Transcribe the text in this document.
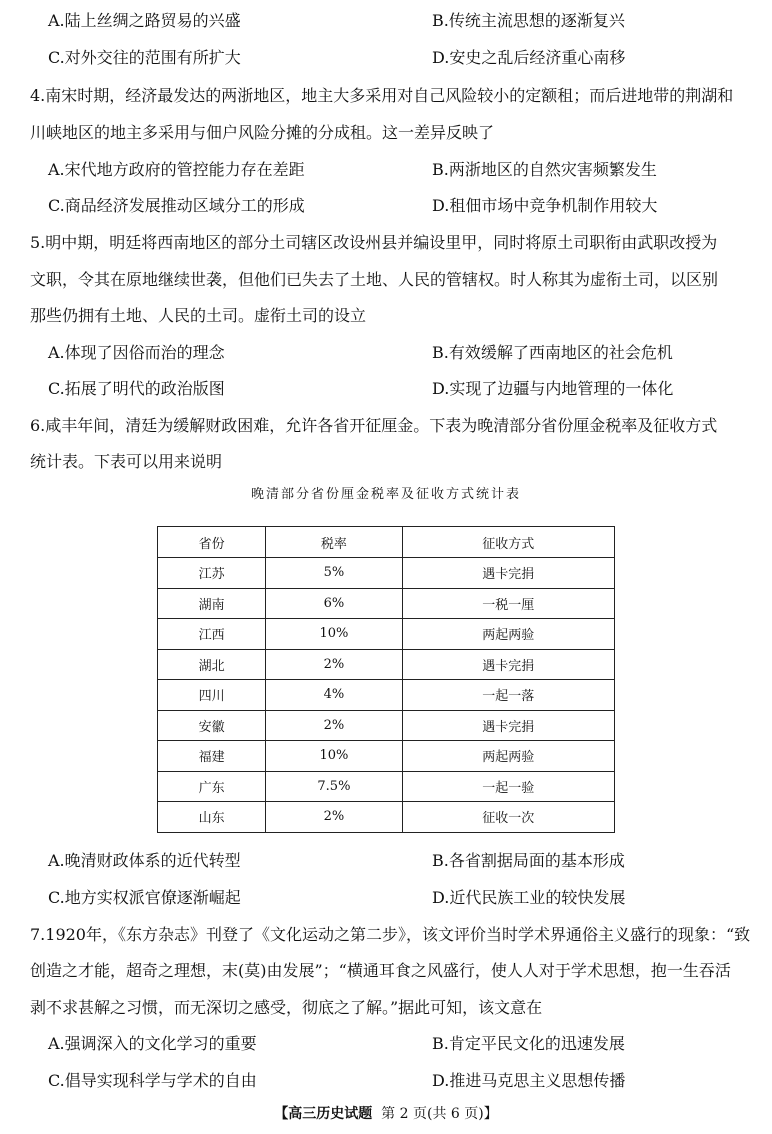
A.陆上丝绸之路贸易的兴盛	B.传统主流思想的逐渐复兴
C.对外交往的范围有所扩大	D.安史之乱后经济重心南移
4.南宋时期，经济最发达的两浙地区，地主大多采用对自己风险较小的定额租；而后进地带的荆湖和
川峡地区的地主多采用与佃户风险分摊的分成租。这一差异反映了
A.宋代地方政府的管控能力存在差距	B.两浙地区的自然灾害频繁发生
C.商品经济发展推动区域分工的形成	D.租佃市场中竞争机制作用较大
5.明中期，明廷将西南地区的部分土司辖区改设州县并编设里甲，同时将原土司职衔由武职改授为
文职，令其在原地继续世袭，但他们已失去了土地、人民的管辖权。时人称其为虚衔土司，以区别
那些仍拥有土地、人民的土司。虚衔土司的设立
A.体现了因俗而治的理念	B.有效缓解了西南地区的社会危机
C.拓展了明代的政治版图	D.实现了边疆与内地管理的一体化
6.咸丰年间，清廷为缓解财政困难，允许各省开征厘金。下表为晚清部分省份厘金税率及征收方式
统计表。下表可以用来说明
晚清部分省份厘金税率及征收方式统计表
省份	税率	征收方式
江苏	5%	遇卡完捐
湖南	6%	一税一厘
江西	10%	两起两验
湖北	2%	遇卡完捐
四川	4%	一起一落
安徽	2%	遇卡完捐
福建	10%	两起两验
广东	7.5%	一起一验
山东	2%	征收一次
A.晚清财政体系的近代转型	B.各省割据局面的基本形成
C.地方实权派官僚逐渐崛起	D.近代民族工业的较快发展
7.1920年，《东方杂志》刊登了《文化运动之第二步》，该文评价当时学术界通俗主义盛行的现象：“致
创造之才能，超奇之理想，末(莫)由发展”；“横通耳食之风盛行，使人人对于学术思想，抱一生吞活
剥不求甚解之习惯，而无深切之感受，彻底之了解。”据此可知，该文意在
A.强调深入的文化学习的重要	B.肯定平民文化的迅速发展
C.倡导实现科学与学术的自由	D.推进马克思主义思想传播
【高三历史试题 第 2 页(共 6 页)】
